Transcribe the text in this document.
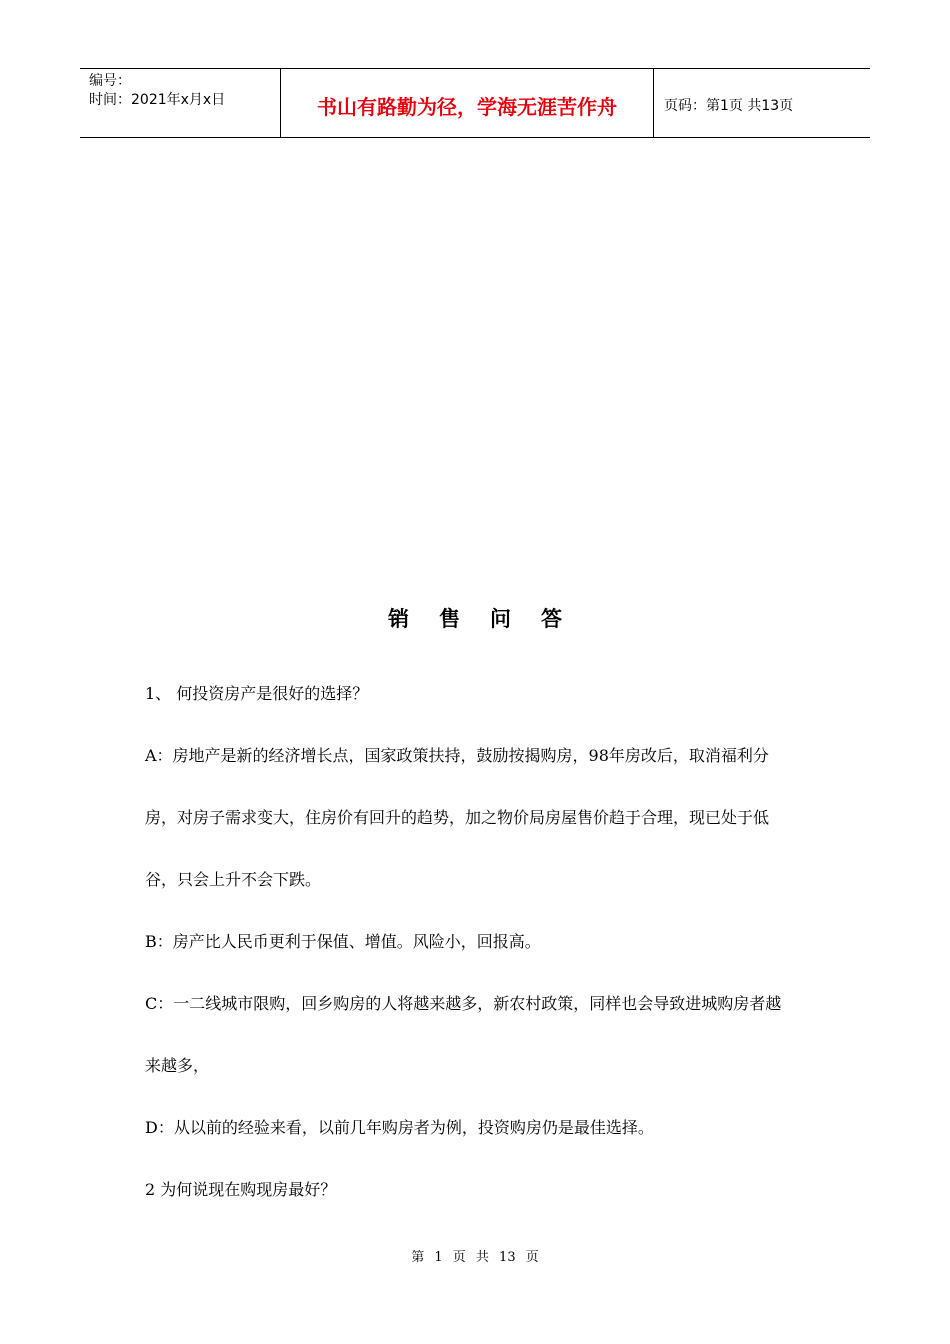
编号：
时间：2021年x月x日	书山有路勤为径，学海无涯苦作舟	页码：第1页 共13页
销售问答
1、 何投资房产是很好的选择？
A：房地产是新的经济增长点，国家政策扶持，鼓励按揭购房，98年房改后，取消福利分
房，对房子需求变大，住房价有回升的趋势，加之物价局房屋售价趋于合理，现已处于低
谷，只会上升不会下跌。
B：房产比人民币更利于保值、增值。风险小，回报高。
C：一二线城市限购，回乡购房的人将越来越多，新农村政策，同样也会导致进城购房者越
来越多，
D：从以前的经验来看，以前几年购房者为例，投资购房仍是最佳选择。
2 为何说现在购现房最好？
第 1 页 共 13 页
